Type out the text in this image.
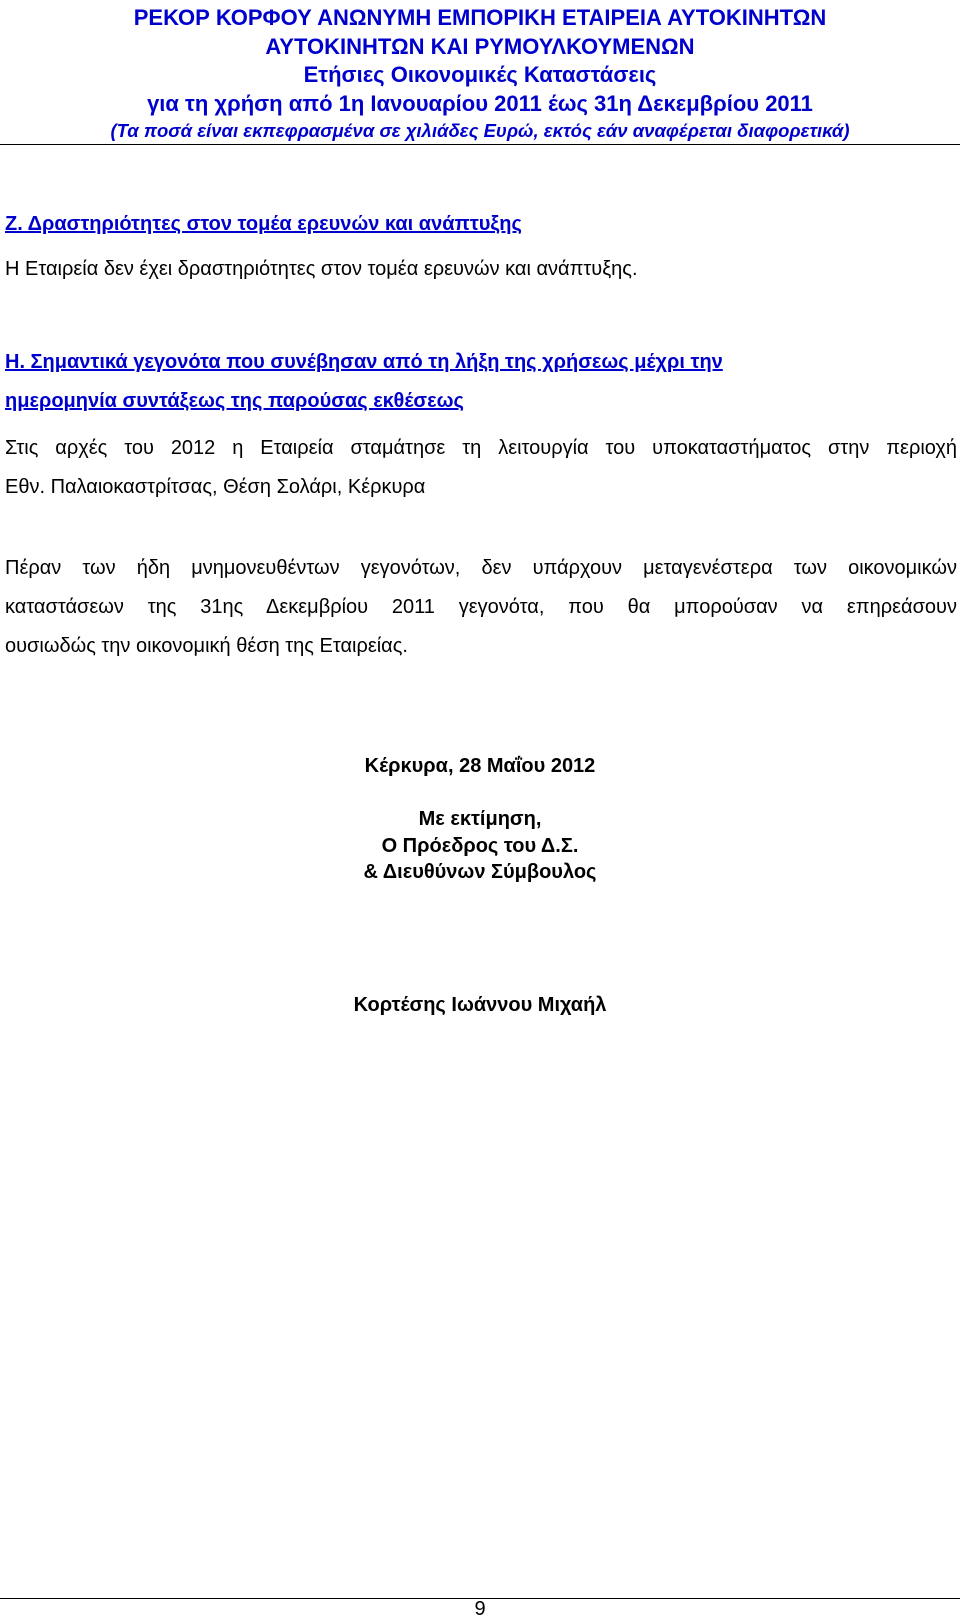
ΡΕΚΟΡ ΚΟΡΦΟΥ ΑΝΩΝΥΜΗ ΕΜΠΟΡΙΚΗ ΕΤΑΙΡΕΙΑ ΑΥΤΟΚΙΝΗΤΩΝ
ΑΥΤΟΚΙΝΗΤΩΝ ΚΑΙ ΡΥΜΟΥΛΚΟΥΜΕΝΩΝ
Ετήσιες Οικονομικές Καταστάσεις
για τη χρήση από 1η Ιανουαρίου 2011 έως 31η Δεκεμβρίου 2011
(Τα ποσά είναι εκπεφρασμένα σε χιλιάδες Ευρώ, εκτός εάν αναφέρεται διαφορετικά)
Ζ. Δραστηριότητες στον τομέα ερευνών και ανάπτυξης
Η Εταιρεία δεν έχει δραστηριότητες στον τομέα ερευνών και ανάπτυξης.
Η. Σημαντικά γεγονότα που συνέβησαν από τη λήξη της χρήσεως μέχρι την
ημερομηνία συντάξεως της παρούσας εκθέσεως
Στις αρχές του 2012 η Εταιρεία σταμάτησε τη λειτουργία του υποκαταστήματος στην περιοχή
Εθν. Παλαιοκαστρίτσας, Θέση Σολάρι, Κέρκυρα
Πέραν των ήδη μνημονευθέντων γεγονότων, δεν υπάρχουν μεταγενέστερα των οικονομικών
καταστάσεων της 31ης Δεκεμβρίου 2011 γεγονότα, που θα μπορούσαν να επηρεάσουν
ουσιωδώς την οικονομική θέση της Εταιρείας.
Κέρκυρα, 28 Μαΐου 2012
Με εκτίμηση,
Ο Πρόεδρος του Δ.Σ.
& Διευθύνων Σύμβουλος
Κορτέσης Ιωάννου Μιχαήλ
9
